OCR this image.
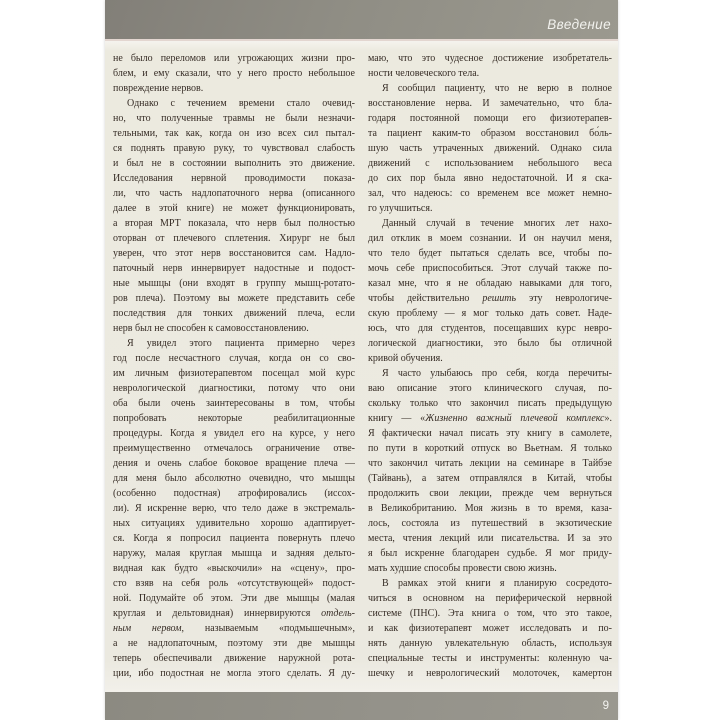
Введение
не было переломов или угрожающих жизни про-
блем, и ему сказали, что у него просто небольшое
повреждение нервов.
Однако с течением времени стало очевид-
но, что полученные травмы не были незначи-
тельными, так как, когда он изо всех сил пытал-
ся поднять правую руку, то чувствовал слабость
и был не в состоянии выполнить это движение.
Исследования нервной проводимости показа-
ли, что часть надлопаточного нерва (описанного
далее в этой книге) не может функционировать,
а вторая МРТ показала, что нерв был полностью
оторван от плечевого сплетения. Хирург не был
уверен, что этот нерв восстановится сам. Надло-
паточный нерв иннервирует надостные и подост-
ные мышцы (они входят в группу мышц-ротато-
ров плеча). Поэтому вы можете представить себе
последствия для тонких движений плеча, если
нерв был не способен к самовосстановлению.
Я увидел этого пациента примерно через
год после несчастного случая, когда он со сво-
им личным физиотерапевтом посещал мой курс
неврологической диагностики, потому что они
оба были очень заинтересованы в том, чтобы
попробовать некоторые реабилитационные
процедуры. Когда я увидел его на курсе, у него
преимущественно отмечалось ограничение отве-
дения и очень слабое боковое вращение плеча —
для меня было абсолютно очевидно, что мышцы
(особенно подостная) атрофировались (иссох-
ли). Я искренне верю, что тело даже в экстремаль-
ных ситуациях удивительно хорошо адаптирует-
ся. Когда я попросил пациента повернуть плечо
наружу, малая круглая мышца и задняя дельто-
видная как будто «выскочили» на «сцену», про-
сто взяв на себя роль «отсутствующей» подост-
ной. Подумайте об этом. Эти две мышцы (малая
круглая и дельтовидная) иннервируются отдель-
ным нервом, называемым «подмышечным»,
а не надлопаточным, поэтому эти две мышцы
теперь обеспечивали движение наружной рота-
ции, ибо подостная не могла этого сделать. Я ду-
маю, что это чудесное достижение изобретатель-
ности человеческого тела.
Я сообщил пациенту, что не верю в полное
восстановление нерва. И замечательно, что бла-
годаря постоянной помощи его физиотерапев-
та пациент каким-то образом восстановил бо́ль-
шую часть утраченных движений. Однако сила
движений с использованием небольшого веса
до сих пор была явно недостаточной. И я ска-
зал, что надеюсь: со временем все может немно-
го улучшиться.
Данный случай в течение многих лет нахо-
дил отклик в моем сознании. И он научил меня,
что тело будет пытаться сделать все, чтобы по-
мочь себе приспособиться. Этот случай также по-
казал мне, что я не обладаю навыками для того,
чтобы действительно решить эту неврологиче-
скую проблему — я мог только дать совет. Наде-
юсь, что для студентов, посещавших курс невро-
логической диагностики, это было бы отличной
кривой обучения.
Я часто улыбаюсь про себя, когда перечиты-
ваю описание этого клинического случая, по-
скольку только что закончил писать предыдущую
книгу — «Жизненно важный плечевой комплекс».
Я фактически начал писать эту книгу в самолете,
по пути в короткий отпуск во Вьетнам. Я только
что закончил читать лекции на семинаре в Тайбэе
(Тайвань), а затем отправлялся в Китай, чтобы
продолжить свои лекции, прежде чем вернуться
в Великобританию. Моя жизнь в то время, каза-
лось, состояла из путешествий в экзотические
места, чтения лекций или писательства. И за это
я был искренне благодарен судьбе. Я мог приду-
мать худшие способы провести свою жизнь.
В рамках этой книги я планирую сосредото-
читься в основном на периферической нервной
системе (ПНС). Эта книга о том, что это такое,
и как физиотерапевт может исследовать и по-
нять данную увлекательную область, используя
специальные тесты и инструменты: коленную ча-
шечку и неврологический молоточек, камертон
9
